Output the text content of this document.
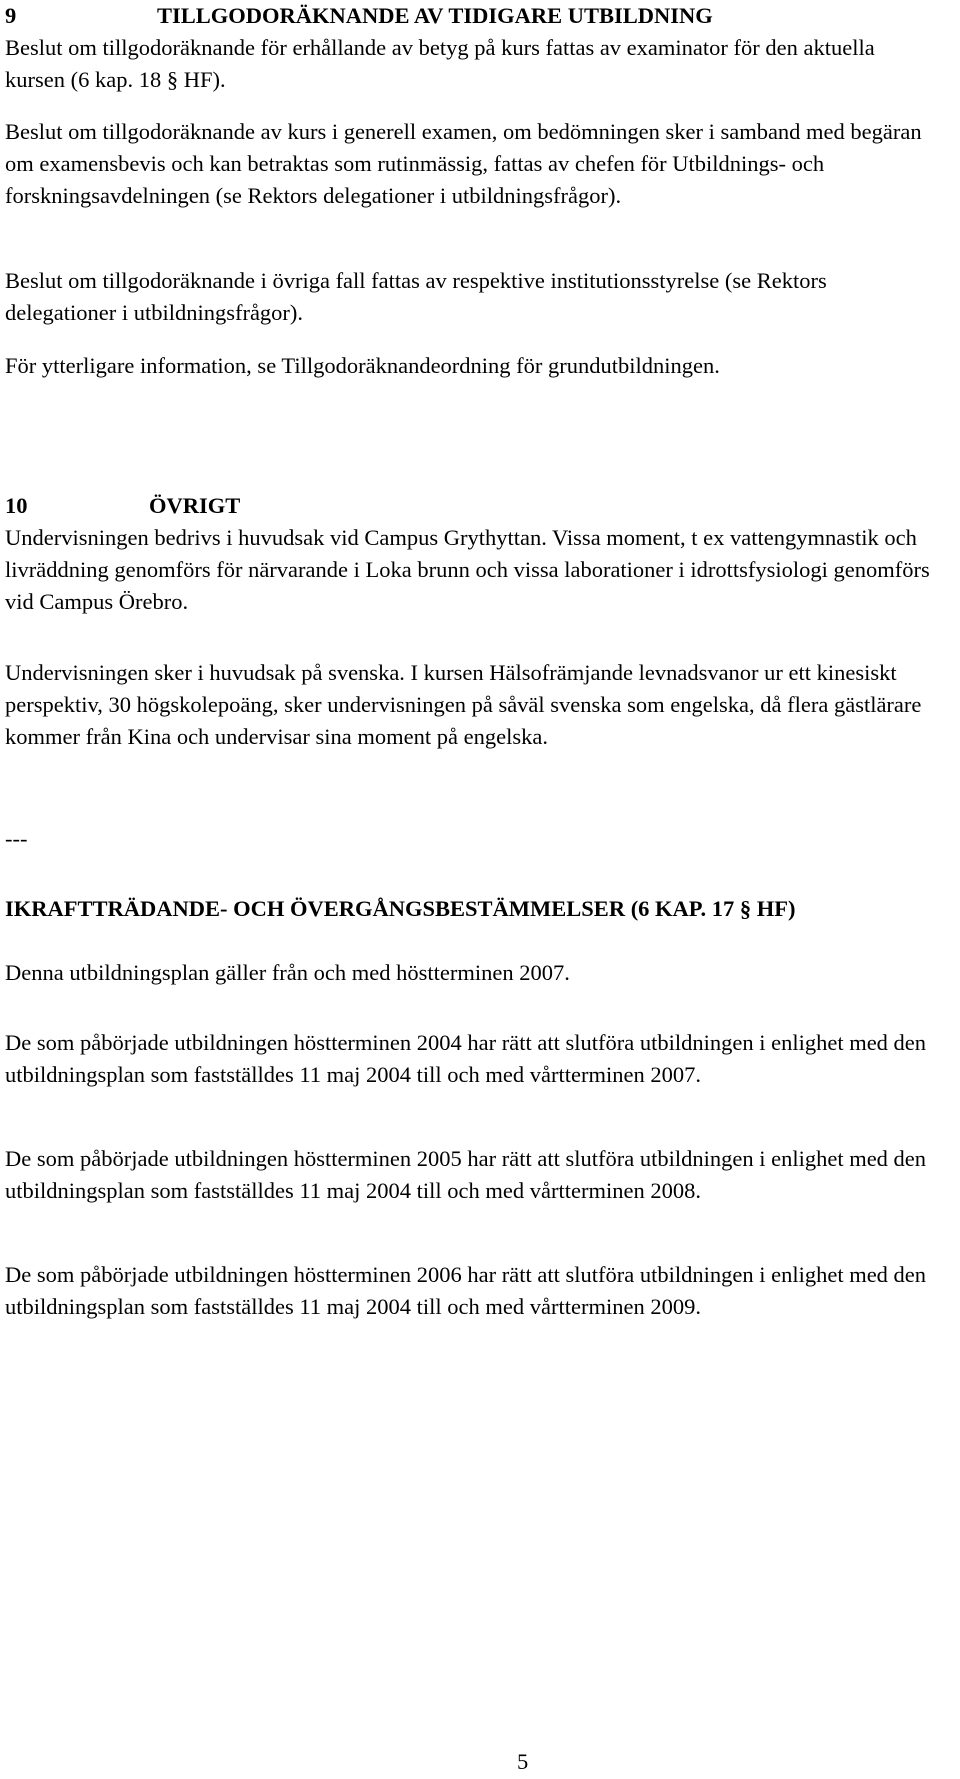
9	TILLGODORÄKNANDE AV TIDIGARE UTBILDNING

Beslut om tillgodoräknande för erhållande av betyg på kurs fattas av examinator för den aktuella kursen (6 kap. 18 § HF).

Beslut om tillgodoräknande av kurs i generell examen, om bedömningen sker i samband med begäran om examensbevis och kan betraktas som rutinmässig, fattas av chefen för Utbildnings- och forskningsavdelningen (se Rektors delegationer i utbildningsfrågor).

Beslut om tillgodoräknande i övriga fall fattas av respektive institutionsstyrelse (se Rektors delegationer i utbildningsfrågor).

För ytterligare information, se Tillgodoräknandeordning för grundutbildningen.

10	ÖVRIGT

Undervisningen bedrivs i huvudsak vid Campus Grythyttan. Vissa moment, t ex vattengymnastik och livräddning genomförs för närvarande i Loka brunn och vissa laborationer i idrottsfysiologi genomförs vid Campus Örebro.

Undervisningen sker i huvudsak på svenska. I kursen Hälsofrämjande levnadsvanor ur ett kinesiskt perspektiv, 30 högskolepoäng, sker undervisningen på såväl svenska som engelska, då flera gästlärare kommer från Kina och undervisar sina moment på engelska.

---

IKRAFTTRÄDANDE- OCH ÖVERGÅNGSBESTÄMMELSER (6 KAP. 17 § HF)

Denna utbildningsplan gäller från och med höstterminen 2007.

De som påbörjade utbildningen höstterminen 2004 har rätt att slutföra utbildningen i enlighet med den utbildningsplan som fastställdes 11 maj 2004 till och med vårtterminen 2007.

De som påbörjade utbildningen höstterminen 2005 har rätt att slutföra utbildningen i enlighet med den utbildningsplan som fastställdes 11 maj 2004 till och med vårtterminen 2008.

De som påbörjade utbildningen höstterminen 2006 har rätt att slutföra utbildningen i enlighet med den utbildningsplan som fastställdes 11 maj 2004 till och med vårtterminen 2009.

5
